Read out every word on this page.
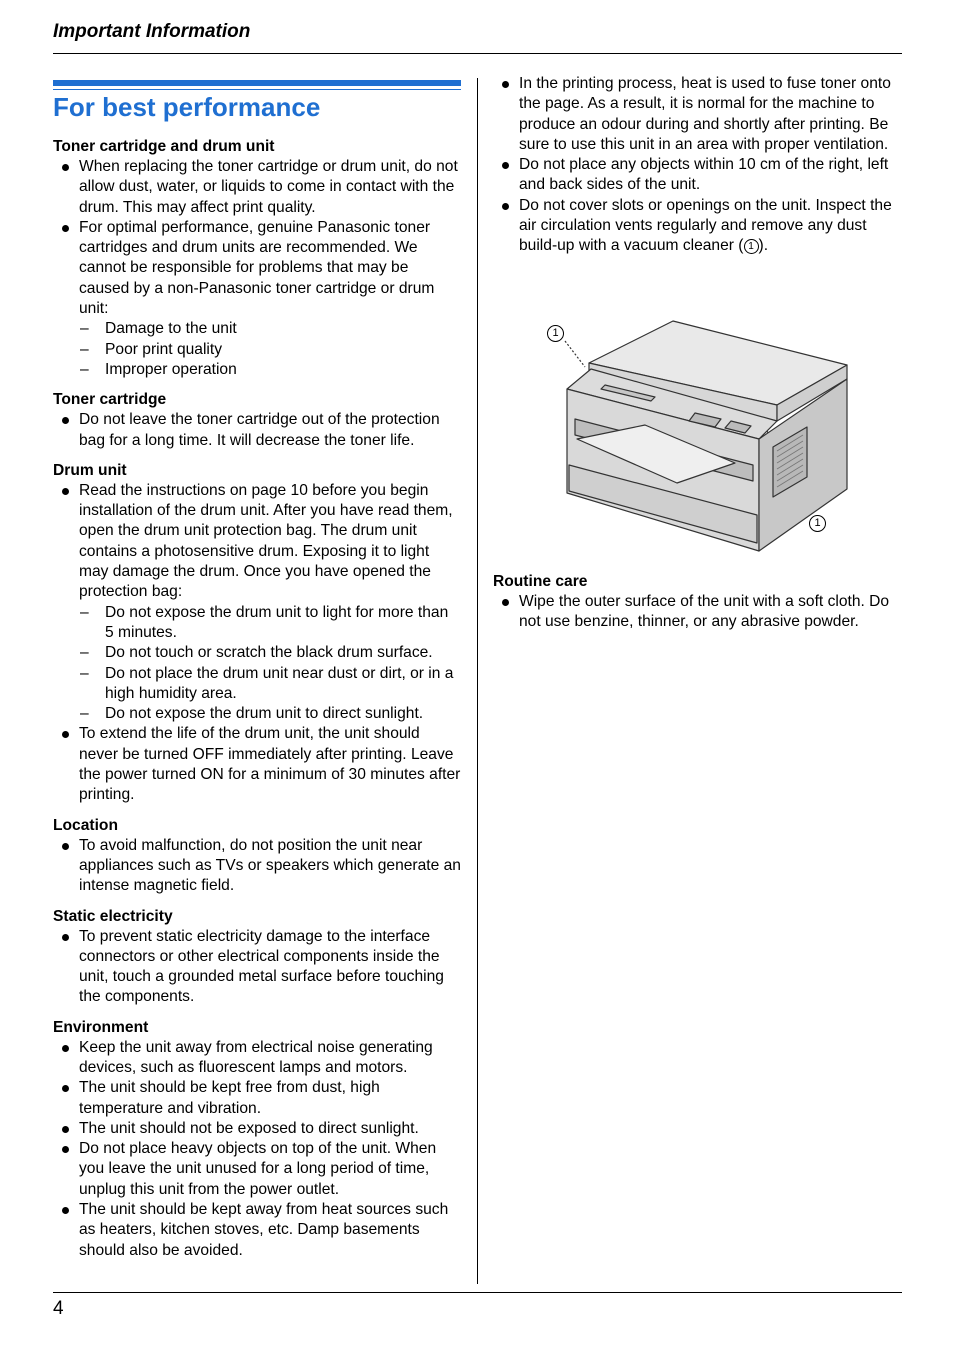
Important Information
For best performance
Toner cartridge and drum unit
When replacing the toner cartridge or drum unit, do not allow dust, water, or liquids to come in contact with the drum. This may affect print quality.
For optimal performance, genuine Panasonic toner cartridges and drum units are recommended. We cannot be responsible for problems that may be caused by a non-Panasonic toner cartridge or drum unit:
– Damage to the unit
– Poor print quality
– Improper operation
Toner cartridge
Do not leave the toner cartridge out of the protection bag for a long time. It will decrease the toner life.
Drum unit
Read the instructions on page 10 before you begin installation of the drum unit. After you have read them, open the drum unit protection bag. The drum unit contains a photosensitive drum. Exposing it to light may damage the drum. Once you have opened the protection bag:
– Do not expose the drum unit to light for more than 5 minutes.
– Do not touch or scratch the black drum surface.
– Do not place the drum unit near dust or dirt, or in a high humidity area.
– Do not expose the drum unit to direct sunlight.
To extend the life of the drum unit, the unit should never be turned OFF immediately after printing. Leave the power turned ON for a minimum of 30 minutes after printing.
Location
To avoid malfunction, do not position the unit near appliances such as TVs or speakers which generate an intense magnetic field.
Static electricity
To prevent static electricity damage to the interface connectors or other electrical components inside the unit, touch a grounded metal surface before touching the components.
Environment
Keep the unit away from electrical noise generating devices, such as fluorescent lamps and motors.
The unit should be kept free from dust, high temperature and vibration.
The unit should not be exposed to direct sunlight.
Do not place heavy objects on top of the unit. When you leave the unit unused for a long period of time, unplug this unit from the power outlet.
The unit should be kept away from heat sources such as heaters, kitchen stoves, etc. Damp basements should also be avoided.
In the printing process, heat is used to fuse toner onto the page. As a result, it is normal for the machine to produce an odour during and shortly after printing. Be sure to use this unit in an area with proper ventilation.
Do not place any objects within 10 cm of the right, left and back sides of the unit.
Do not cover slots or openings on the unit. Inspect the air circulation vents regularly and remove any dust build-up with a vacuum cleaner ( 1 ).
1
1
Routine care
Wipe the outer surface of the unit with a soft cloth. Do not use benzine, thinner, or any abrasive powder.
4
